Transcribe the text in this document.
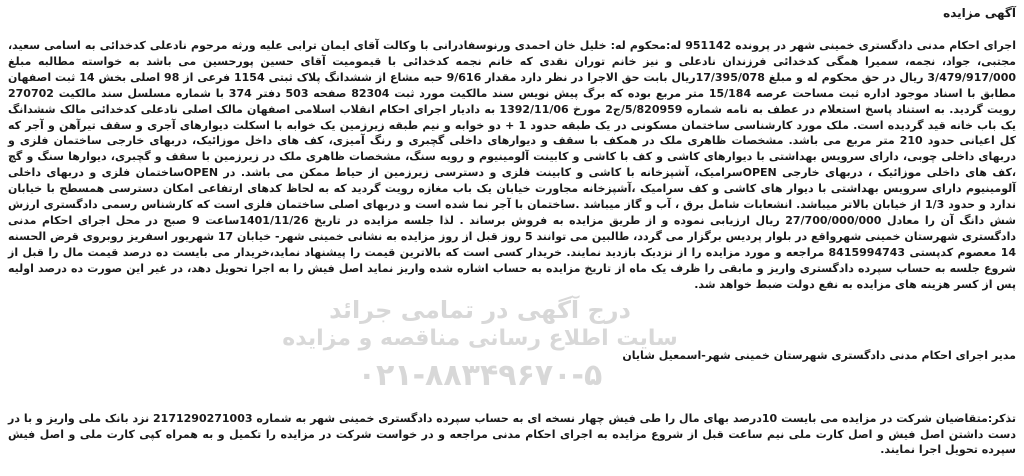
آگهی مزایده
اجرای احکام مدنی دادگستری خمینی شهر در پرونده 951142 له:محکوم له: خلیل خان احمدی ورنوسفادرانی با وکالت آقای ایمان ترابی علیه ورثه مرحوم نادعلی کدخدائی به اسامی سعید، مجتبی، جواد، نجمه، سمیرا همگی کدخدائی فرزندان نادعلی و نیز خانم توران نقدی که خانم نجمه کدخدائی با قیمومیت آقای حسین پورحسین می باشد به خواسته مطالبه مبلغ 3/479/917/000 ریال در حق محکوم له و مبلغ 17/395/078ریال بابت حق الاجرا در نظر دارد مقدار 9/616 حبه مشاع از ششدانگ پلاک ثبتی 1154 فرعی از 98 اصلی بخش 14 ثبت اصفهان مطابق با اسناد موجود اداره ثبت مساحت عرصه 15/184 متر مربع بوده که برگ پیش نویس سند مالکیت مورد ثبت 82304 صفحه 503 دفتر 374 با شماره مسلسل سند مالکیت 270702 رویت گردید. به استناد پاسخ استعلام در عطف به نامه شماره 5/820959/ج2 مورخ 1392/11/06 به دادیار اجرای احکام انقلاب اسلامی اصفهان مالک اصلی نادعلی کدخدائی مالک ششدانگ یک باب خانه قید گردیده است. ملک مورد کارشناسی ساختمان مسکونی در یک طبقه حدود 1 + دو خوابه و نیم طبقه زیرزمین یک خوابه با اسکلت دیوارهای آجری و سقف تیرآهن و آجر که کل اعیانی حدود 210 متر مربع می باشد. مشخصات ظاهری ملک در همکف با سقف و دیوارهای داخلی گچبری و رنگ آمیزی، کف های داخل موزائیک، دربهای خارجی ساختمان فلزی و دربهای داخلی چوبی، دارای سرویس بهداشتی با دیوارهای کاشی و کف با کاشی و کابینت آلومینیوم و رویه سنگ، مشخصات ظاهری ملک در زیرزمین با سقف و گچبری، دیوارها سنگ و گچ ،کف های داخلی موزائیک ، دربهای خارجی OPENسرامیک، آشپزخانه با کاشی و کابینت فلزی و دسترسی زیرزمین از حیاط ممکن می باشد. در OPENساختمان فلزی و دربهای داخلی آلومینیوم دارای سرویس بهداشتی با دیوار های کاشی و کف سرامیک ،آشپزخانه مجاورت خیابان یک باب مغازه رویت گردید که به لحاظ کدهای ارتفاعی امکان دسترسی همسطح با خیابان ندارد و حدود 1/3 از خیابان بالاتر میباشد. انشعابات شامل برق ، آب و گاز میباشد .ساختمان با آجر نما شده است و دربهای اصلی ساختمان فلزی است که کارشناس رسمی دادگستری ارزش شش دانگ آن را معادل 27/700/000/000 ریال ارزیابی نموده و از طریق مزایده به فروش برساند . لذا جلسه مزایده در تاریخ 1401/11/26ساعت 9 صبح در محل اجرای احکام مدنی دادگستری شهرستان خمینی شهرواقع در بلوار پردیس برگزار می گردد، طالبین می توانند 5 روز قبل از روز مزایده به نشانی خمینی شهر- خیابان 17 شهریور اسفریز روبروی قرض الحسنه 14 معصوم کدپستی 8415994743 مراجعه و مورد مزایده را از نزدیک بازدید نمایند. خریدار کسی است که بالاترین قیمت را پیشنهاد نماید،خریدار می بایست ده درصد قیمت مال را قبل از شروع جلسه به حساب سپرده دادگستری واریز و مابقی را ظرف یک ماه از تاریخ مزایده به حساب اشاره شده واریز نماید اصل فیش را به اجرا تحویل دهد، در غیر این صورت ده درصد اولیه پس از کسر هزینه های مزایده به نفع دولت ضبط خواهد شد.
درج آگهی در تمامی جرائد
سایت اطلاع رسانی مناقصه و مزایده
۰۲۱-۸۸۳۴۹۶۷۰-۵
مدیر اجرای احکام مدنی دادگستری شهرستان خمینی شهر-اسمعیل شایان
تذکر:متقاضیان شرکت در مزایده می بایست 10درصد بهای مال را طی فیش چهار نسخه ای به حساب سپرده دادگستری خمینی شهر به شماره 2171290271003 نزد بانک ملی واریز و با در دست داشتن اصل فیش و اصل کارت ملی نیم ساعت قبل از شروع مزایده به اجرای احکام مدنی مراجعه و در خواست شرکت در مزایده را تکمیل و به همراه کپی کارت ملی و اصل فیش سپرده تحویل اجرا نمایند.
